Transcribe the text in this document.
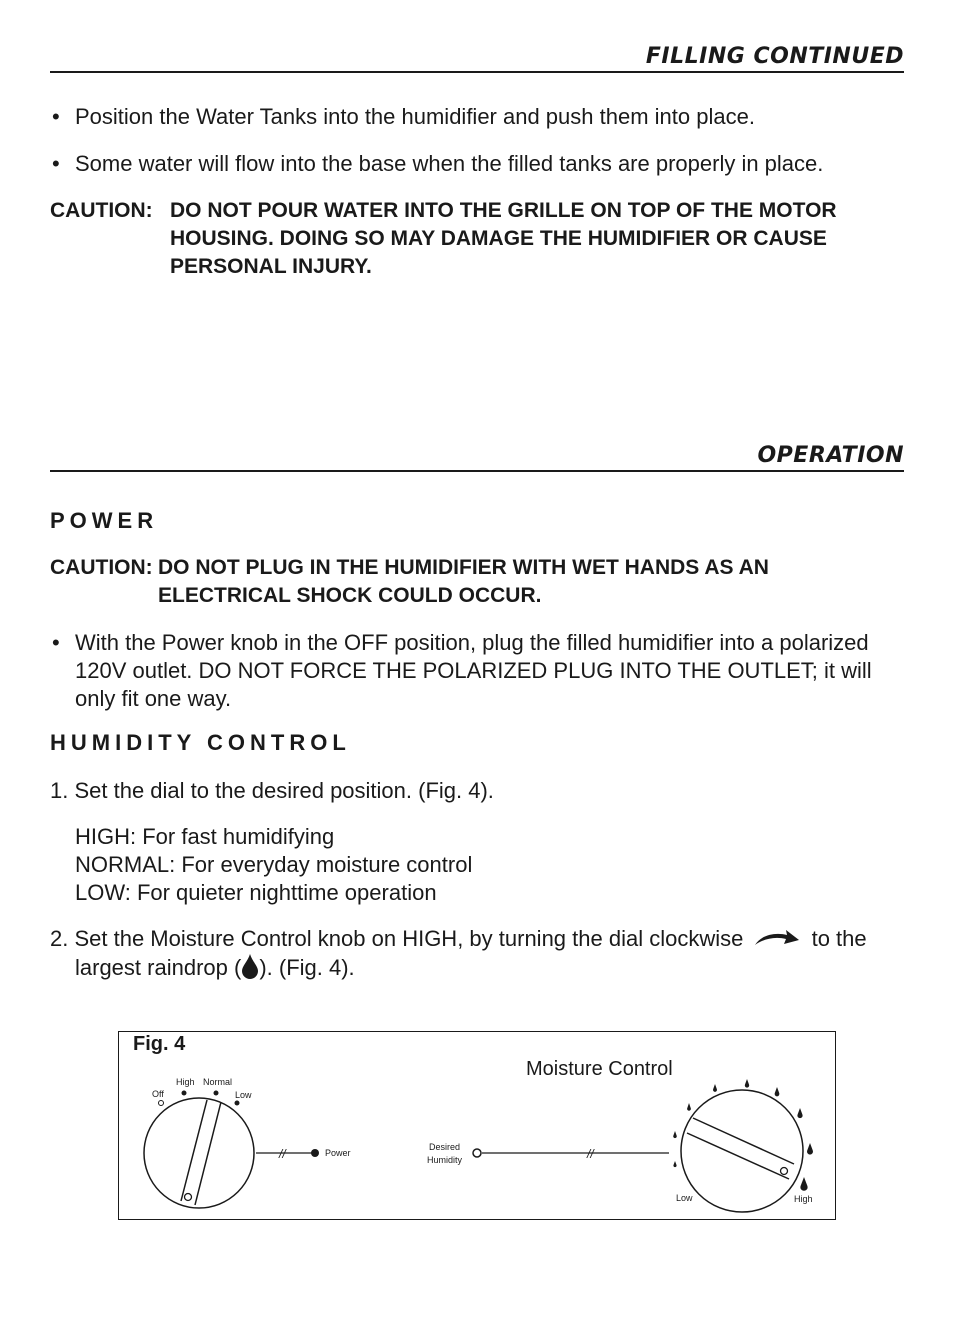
FILLING CONTINUED
• Position the Water Tanks into the humidifier and push them into place.
• Some water will flow into the base when the filled tanks are properly in place.
CAUTION: DO NOT POUR WATER INTO THE GRILLE ON TOP OF THE MOTOR HOUSING. DOING SO MAY DAMAGE THE HUMIDIFIER OR CAUSE PERSONAL INJURY.
OPERATION
POWER
CAUTION: DO NOT PLUG IN THE HUMIDIFIER WITH WET HANDS AS AN ELECTRICAL SHOCK COULD OCCUR.
• With the Power knob in the OFF position, plug the filled humidifier into a polarized 120V outlet. DO NOT FORCE THE POLARIZED PLUG INTO THE OUTLET; it will only fit one way.
HUMIDITY CONTROL
1. Set the dial to the desired position. (Fig. 4).
HIGH: For fast humidifying
NORMAL: For everyday moisture control
LOW: For quieter nighttime operation
2. Set the Moisture Control knob on HIGH, by turning the dial clockwise	to the
largest raindrop ( ). (Fig. 4).
Fig. 4
Moisture Control
Off
High Normal
Low
//	Power
Desired
Humidity	//
Low	High
